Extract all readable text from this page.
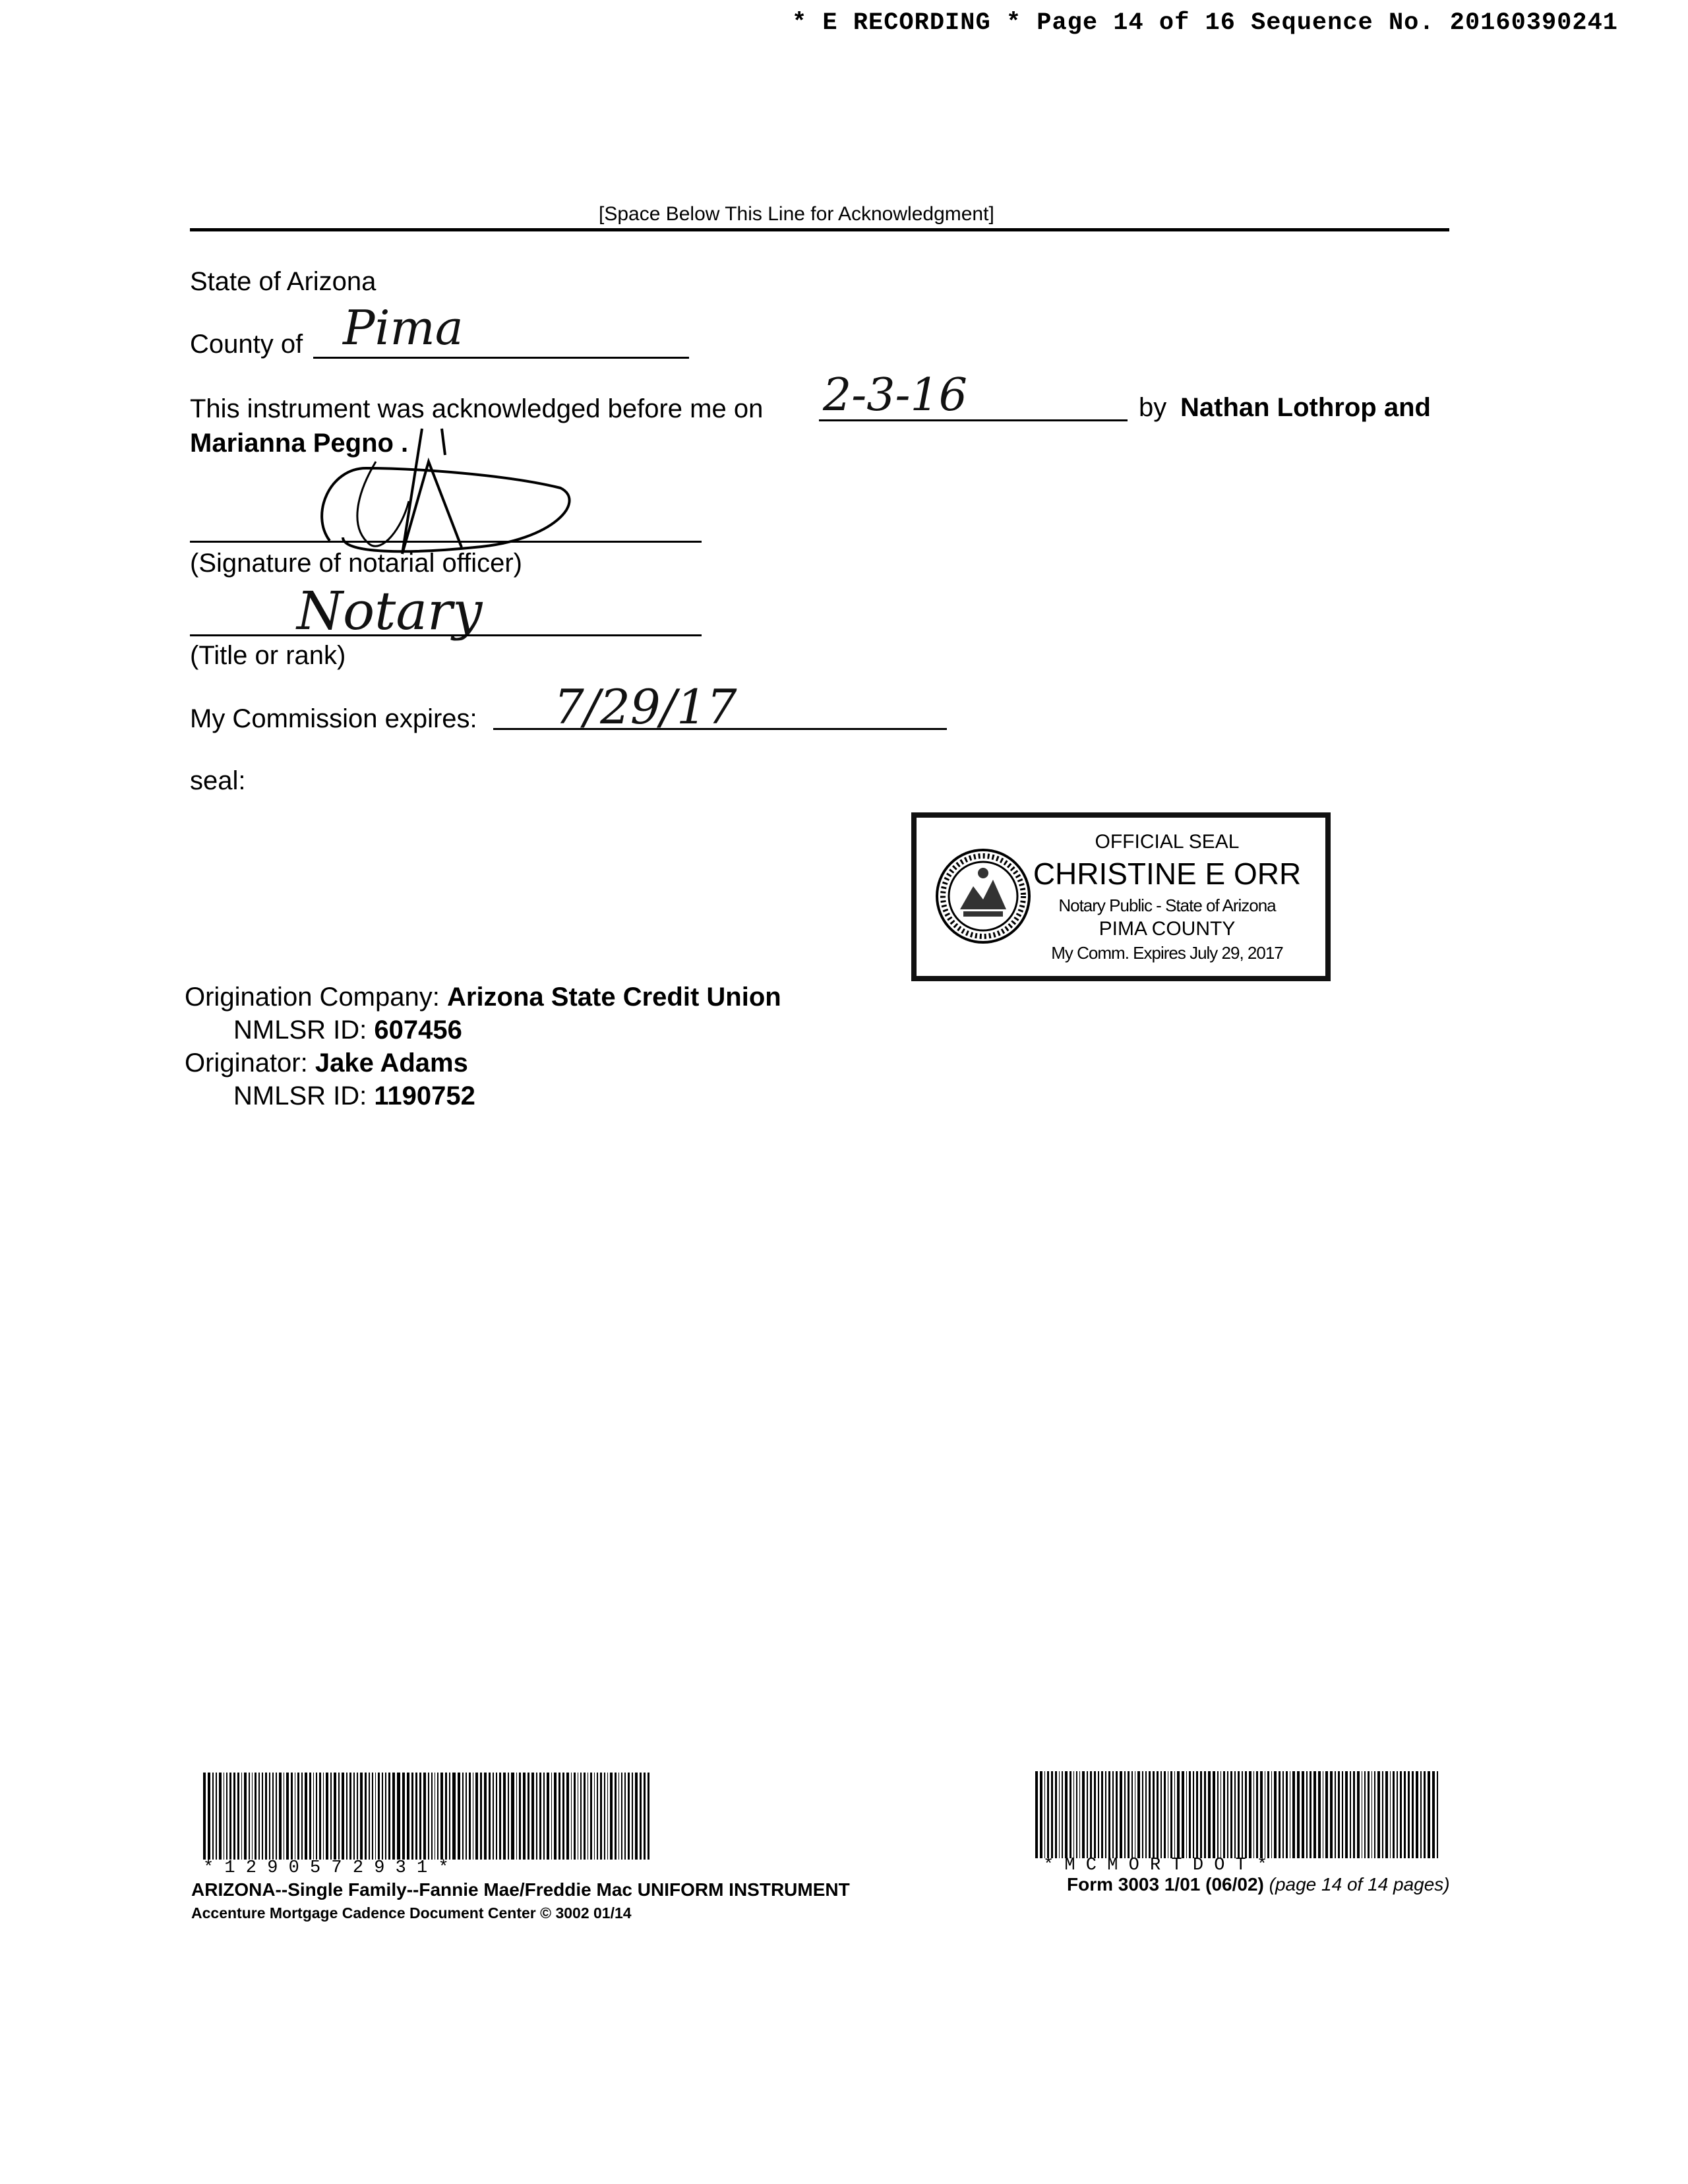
* E RECORDING * Page 14 of 16 Sequence No. 20160390241
[Space Below This Line for Acknowledgment]
State of Arizona
County of Pima
This instrument was acknowledged before me on 2-3-16	by Nathan Lothrop and
Marianna Pegno .
(Signature of notarial officer)
Notary
(Title or rank)
My Commission expires: 7/29/17
seal:
OFFICIAL SEAL
CHRISTINE E ORR
Notary Public - State of Arizona
PIMA COUNTY
My Comm. Expires July 29, 2017
Origination Company: Arizona State Credit Union
NMLSR ID: 607456
Originator: Jake Adams
NMLSR ID: 1190752
* 1 2 9 0 5 7 2 9 3 1 *
ARIZONA--Single Family--Fannie Mae/Freddie Mac UNIFORM INSTRUMENT
Accenture Mortgage Cadence Document Center © 3002 01/14
* M C M O R T D O T *
Form 3003 1/01 (06/02) (page 14 of 14 pages)
